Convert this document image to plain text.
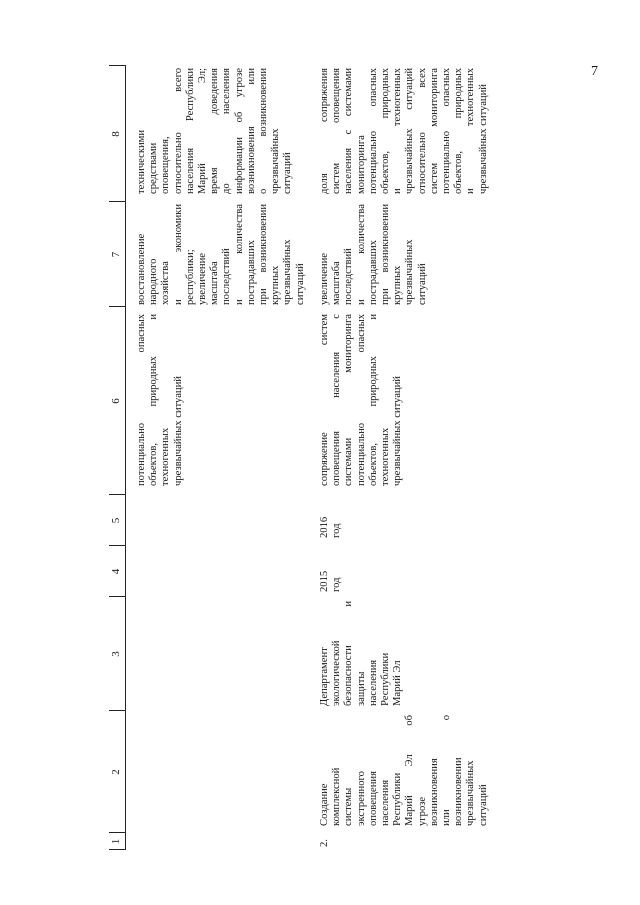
7
1
2
3
4
5
6
7
8
потенциально опасных объектов, природных и техногенных чрезвычайных ситуаций
восстановление народного хозяйства и экономики республики; увеличение масштаба последствий и количества пострадавших при возникновении крупных чрезвычайных ситуаций
техническими средствами оповещения, относительно всего населения Республики Марий Эл; время доведения до населения информации об угрозе возникновения или о возникновении чрезвычайных ситуаций
2.
Создание комплексной системы экстренного оповещения населения Республики Марий Эл об угрозе возникновения или о возникновении чрезвычайных ситуаций
Департамент экологической безопасности и защиты населения Республики Марий Эл
2015 год
2016 год
сопряжение систем оповещения населения с системами мониторинга потенциально опасных объектов, природных и техногенных чрезвычайных ситуаций
увеличение масштаба последствий и количества пострадавших при возникновении крупных чрезвычайных ситуаций
доля сопряжения систем оповещения населения с системами мониторинга потенциально опасных объектов, природных и техногенных чрезвычайных ситуаций относительно всех систем мониторинга потенциально опасных объектов, природных и техногенных чрезвычайных ситуаций
